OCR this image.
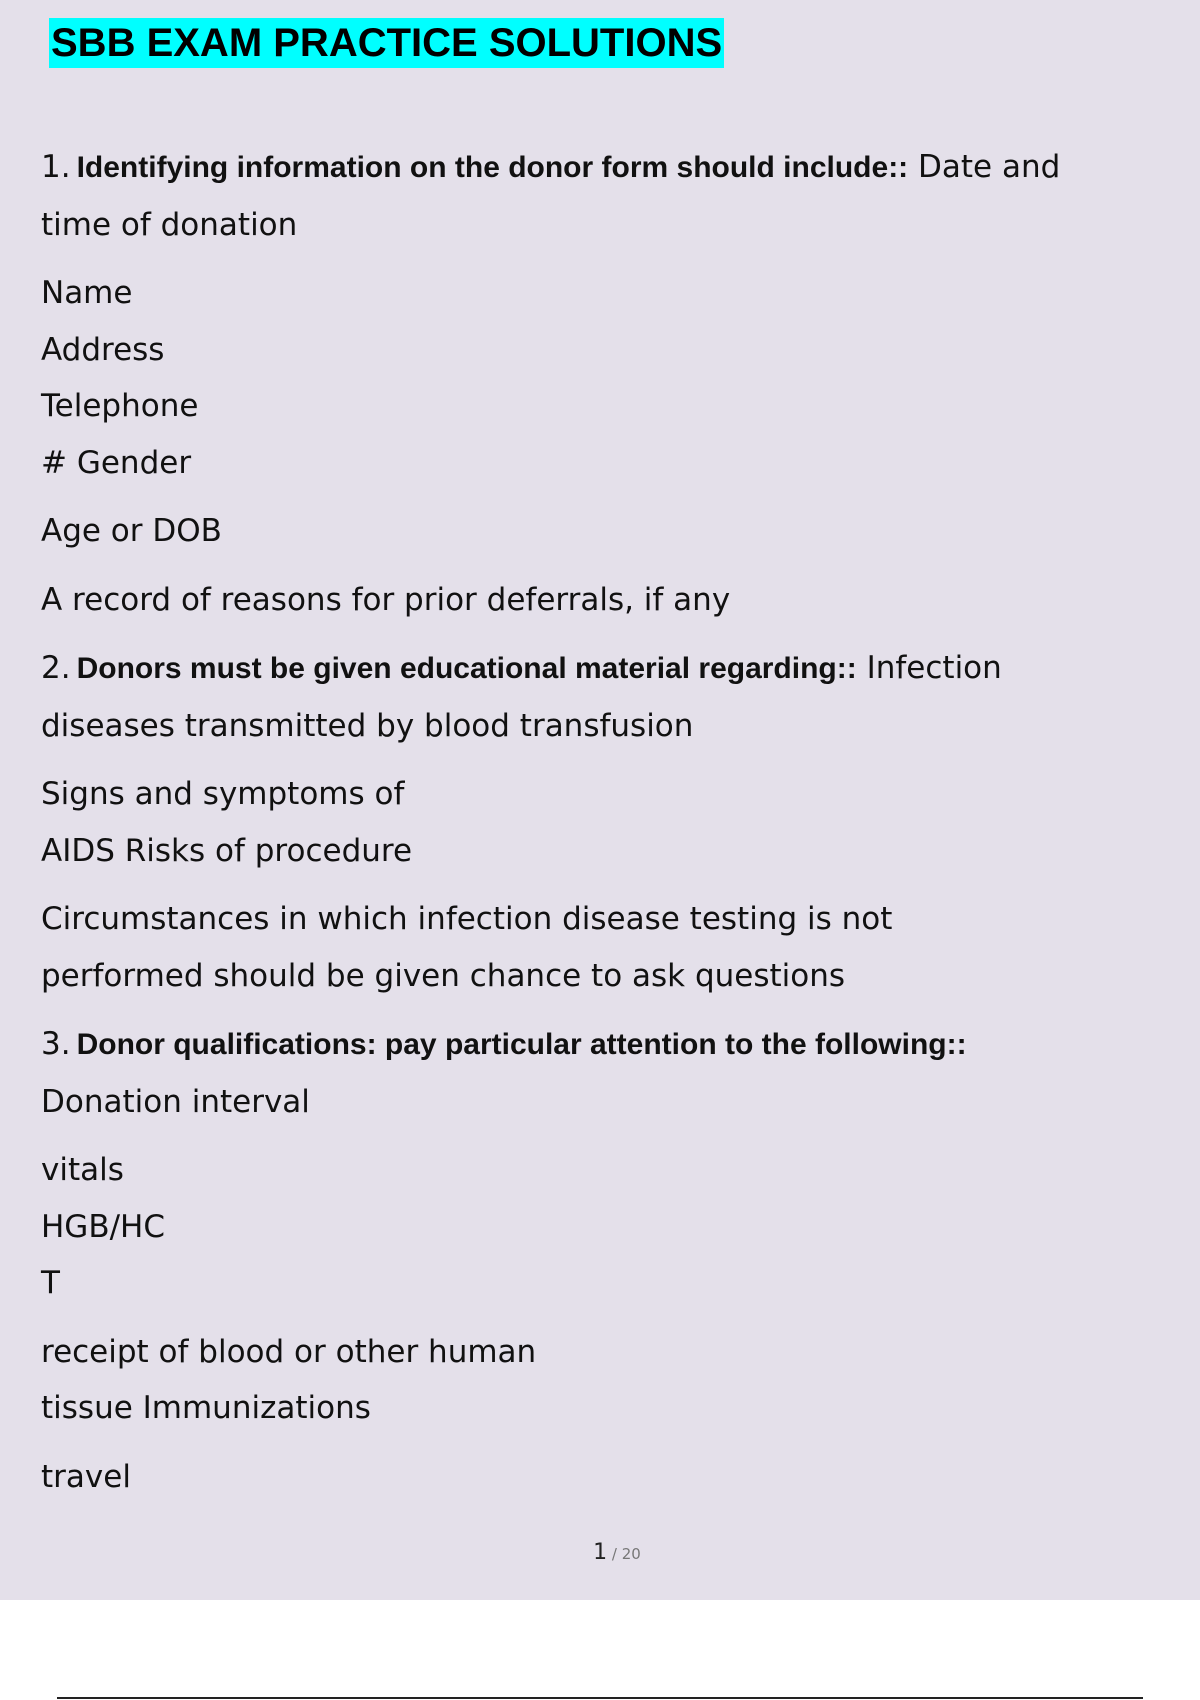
SBB EXAM PRACTICE SOLUTIONS
1. Identifying information on the donor form should include:: Date and
time of donation
Name
Address
Telephone
# Gender
Age or DOB
A record of reasons for prior deferrals, if any
2. Donors must be given educational material regarding:: Infection
diseases transmitted by blood transfusion
Signs and symptoms of
AIDS Risks of procedure
Circumstances in which infection disease testing is not
performed should be given chance to ask questions
3. Donor qualifications: pay particular attention to the following::
Donation interval
vitals
HGB/HC
T
receipt of blood or other human
tissue Immunizations
travel
1 / 20
